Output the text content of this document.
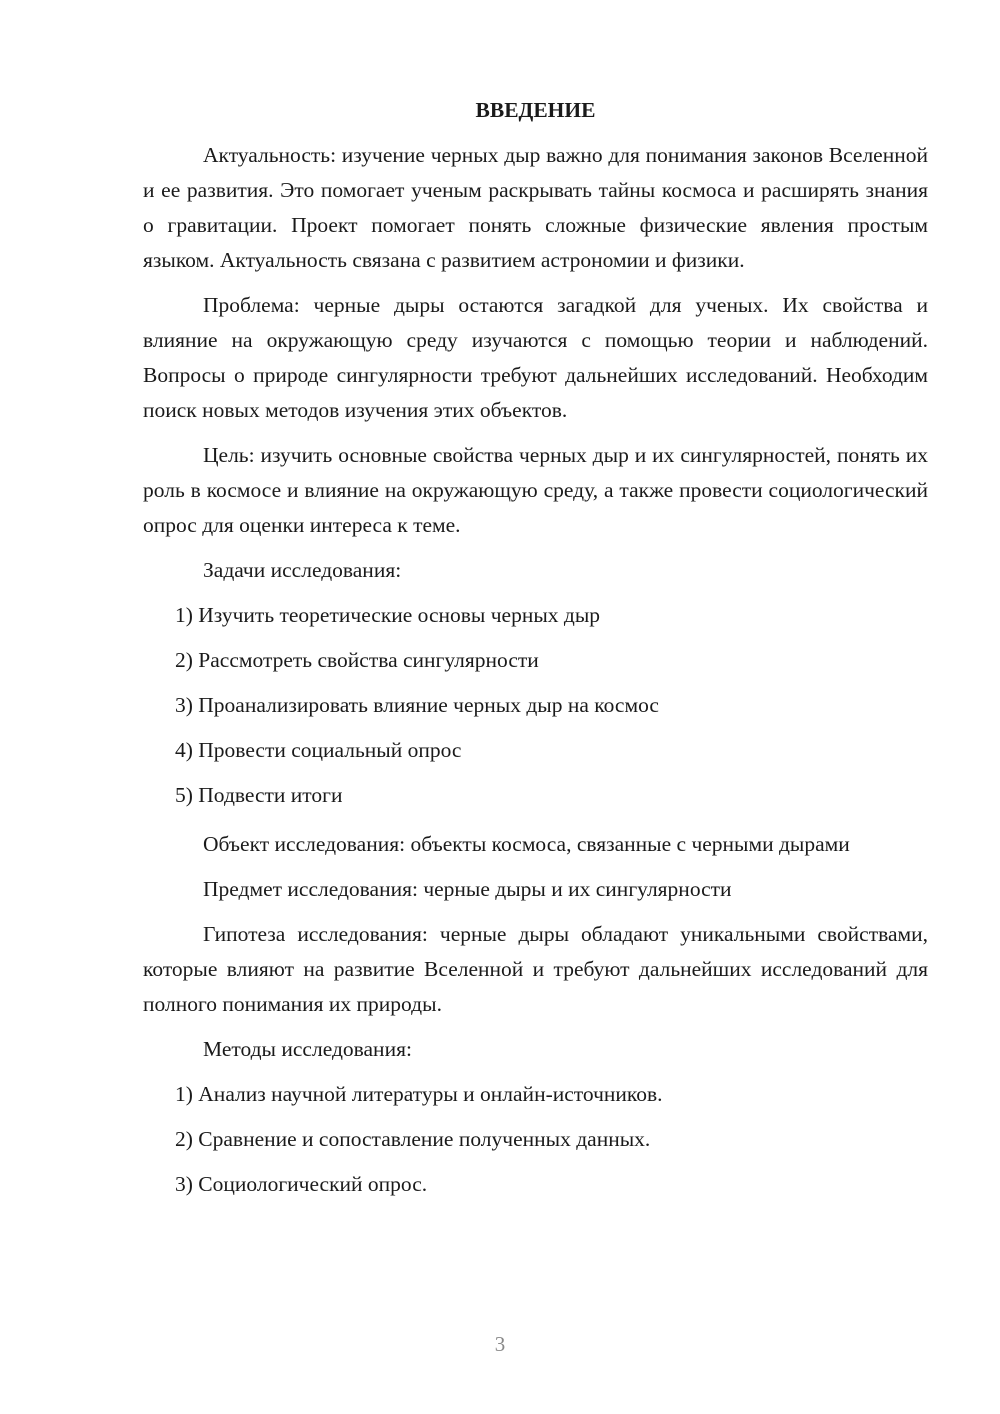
ВВЕДЕНИЕ
Актуальность: изучение черных дыр важно для понимания законов Вселенной и ее развития. Это помогает ученым раскрывать тайны космоса и расширять знания о гравитации. Проект помогает понять сложные физические явления простым языком. Актуальность связана с развитием астрономии и физики.
Проблема: черные дыры остаются загадкой для ученых. Их свойства и влияние на окружающую среду изучаются с помощью теории и наблюдений. Вопросы о природе сингулярности требуют дальнейших исследований. Необходим поиск новых методов изучения этих объектов.
Цель: изучить основные свойства черных дыр и их сингулярностей, понять их роль в космосе и влияние на окружающую среду, а также провести социологический опрос для оценки интереса к теме.
Задачи исследования:
1) Изучить теоретические основы черных дыр
2) Рассмотреть свойства сингулярности
3) Проанализировать влияние черных дыр на космос
4) Провести социальный опрос
5) Подвести итоги
Объект исследования: объекты космоса, связанные с черными дырами
Предмет исследования: черные дыры и их сингулярности
Гипотеза исследования: черные дыры обладают уникальными свойствами, которые влияют на развитие Вселенной и требуют дальнейших исследований для полного понимания их природы.
Методы исследования:
1) Анализ научной литературы и онлайн-источников.
2) Сравнение и сопоставление полученных данных.
3) Социологический опрос.
3
